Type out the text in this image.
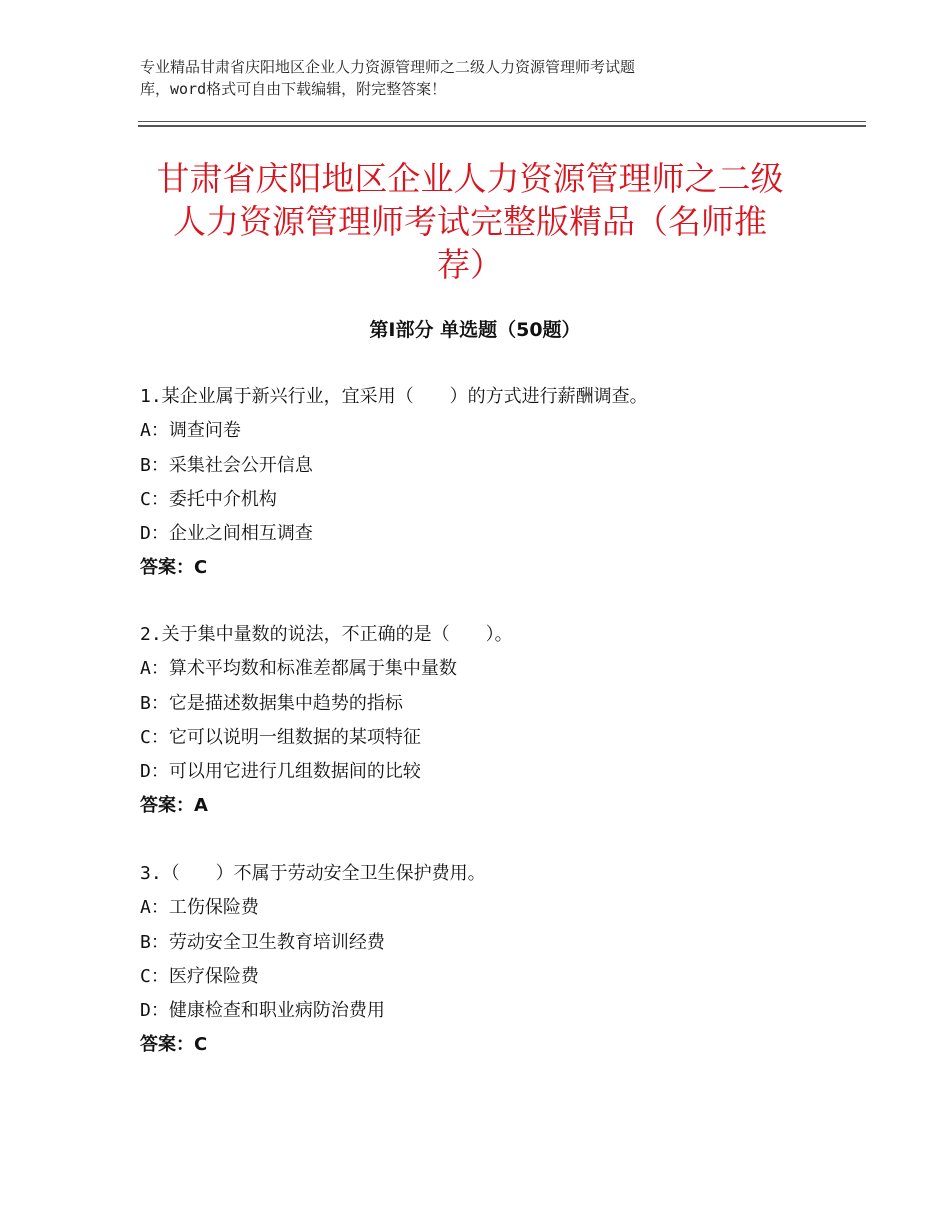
专业精品甘肃省庆阳地区企业人力资源管理师之二级人力资源管理师考试题
库，word格式可自由下载编辑，附完整答案！
甘肃省庆阳地区企业人力资源管理师之二级
人力资源管理师考试完整版精品（名师推
荐）
第Ⅰ部分 单选题（50题）
1.某企业属于新兴行业，宜采用（　　）的方式进行薪酬调查。
A：调查问卷
B：采集社会公开信息
C：委托中介机构
D：企业之间相互调查
答案：C
2.关于集中量数的说法，不正确的是（　　）。
A：算术平均数和标准差都属于集中量数
B：它是描述数据集中趋势的指标
C：它可以说明一组数据的某项特征
D：可以用它进行几组数据间的比较
答案：A
3.（　　）不属于劳动安全卫生保护费用。
A：工伤保险费
B：劳动安全卫生教育培训经费
C：医疗保险费
D：健康检查和职业病防治费用
答案：C
